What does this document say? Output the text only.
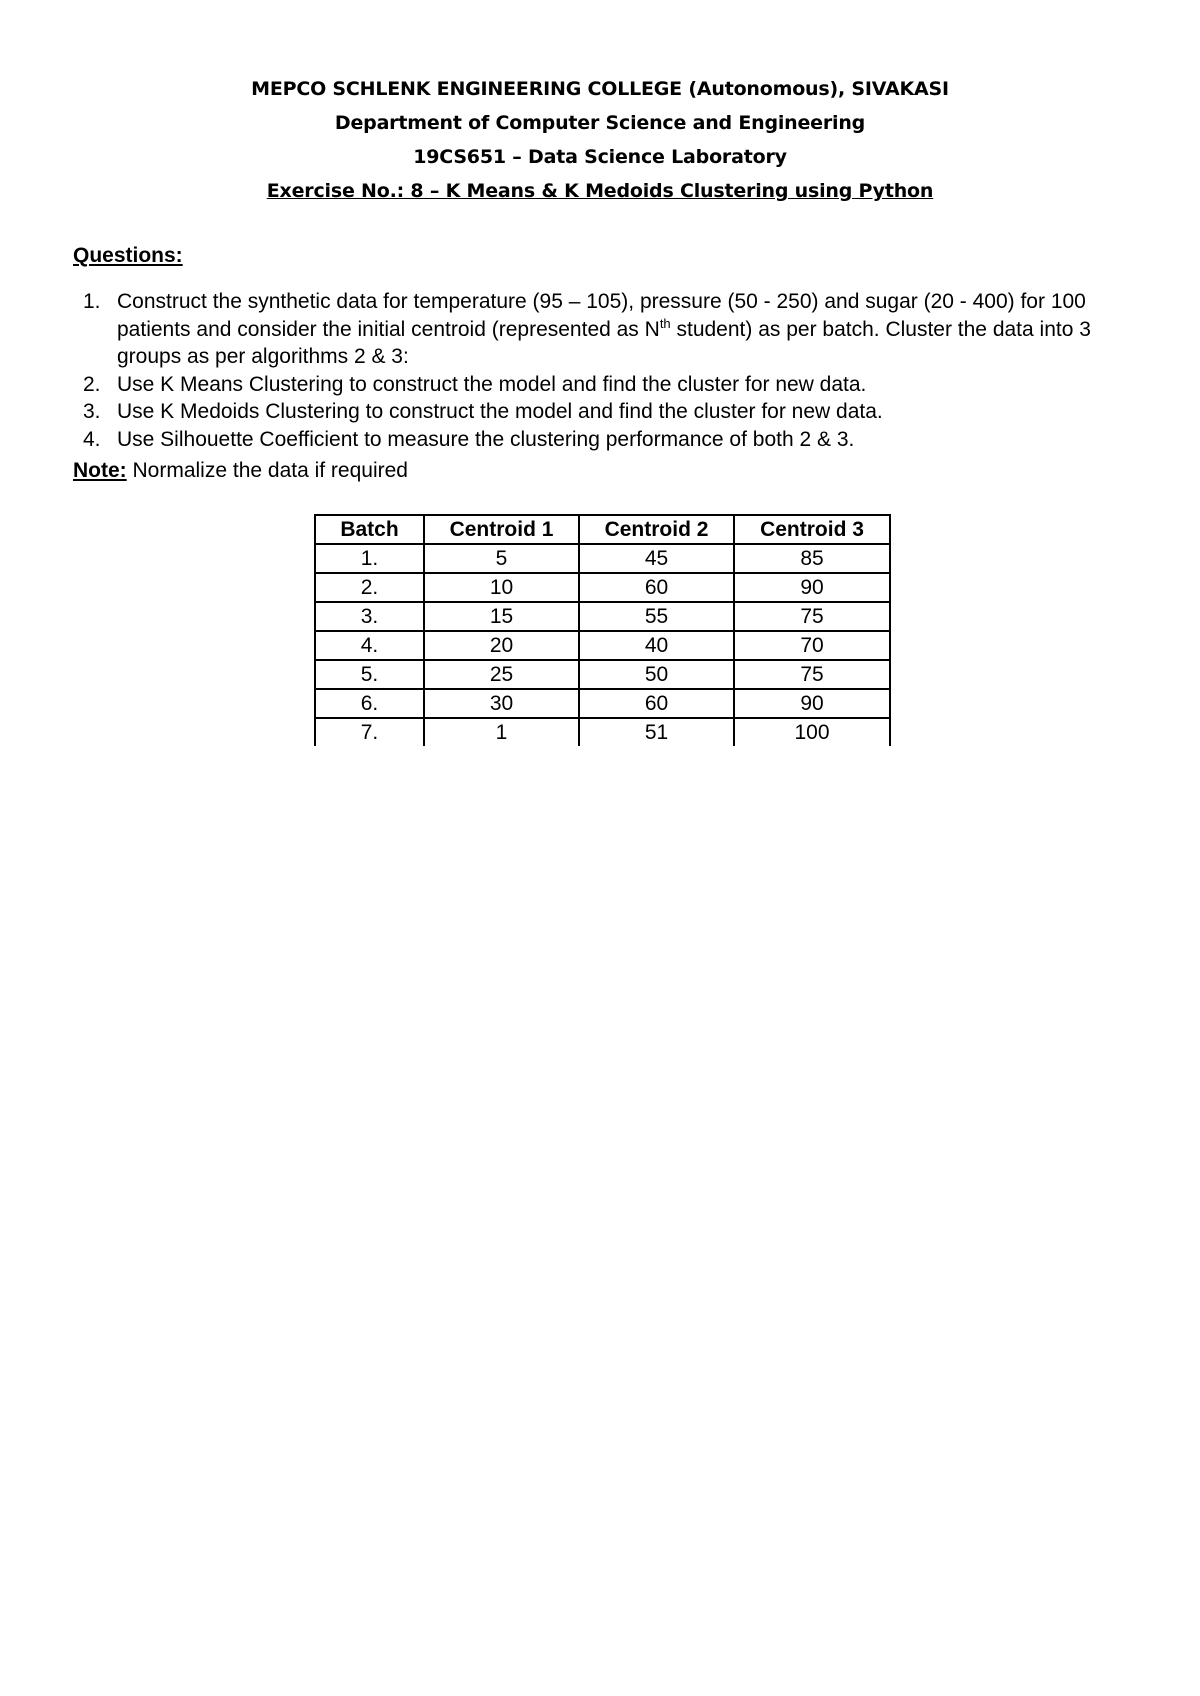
MEPCO SCHLENK ENGINEERING COLLEGE (Autonomous), SIVAKASI
Department of Computer Science and Engineering
19CS651 – Data Science Laboratory
Exercise No.: 8 – K Means & K Medoids Clustering using Python
Questions:
1. Construct the synthetic data for temperature (95 – 105), pressure (50 - 250) and sugar (20 - 400) for 100 patients and consider the initial centroid (represented as $N^{th}$ student) as per batch. Cluster the data into 3 groups as per algorithms 2 & 3:
2. Use K Means Clustering to construct the model and find the cluster for new data.
3. Use K Medoids Clustering to construct the model and find the cluster for new data.
4. Use Silhouette Coefficient to measure the clustering performance of both 2 & 3.
Note: Normalize the data if required
Batch	Centroid 1	Centroid 2	Centroid 3
1.	5	45	85
2.	10	60	90
3.	15	55	75
4.	20	40	70
5.	25	50	75
6.	30	60	90
7.	1	51	100
